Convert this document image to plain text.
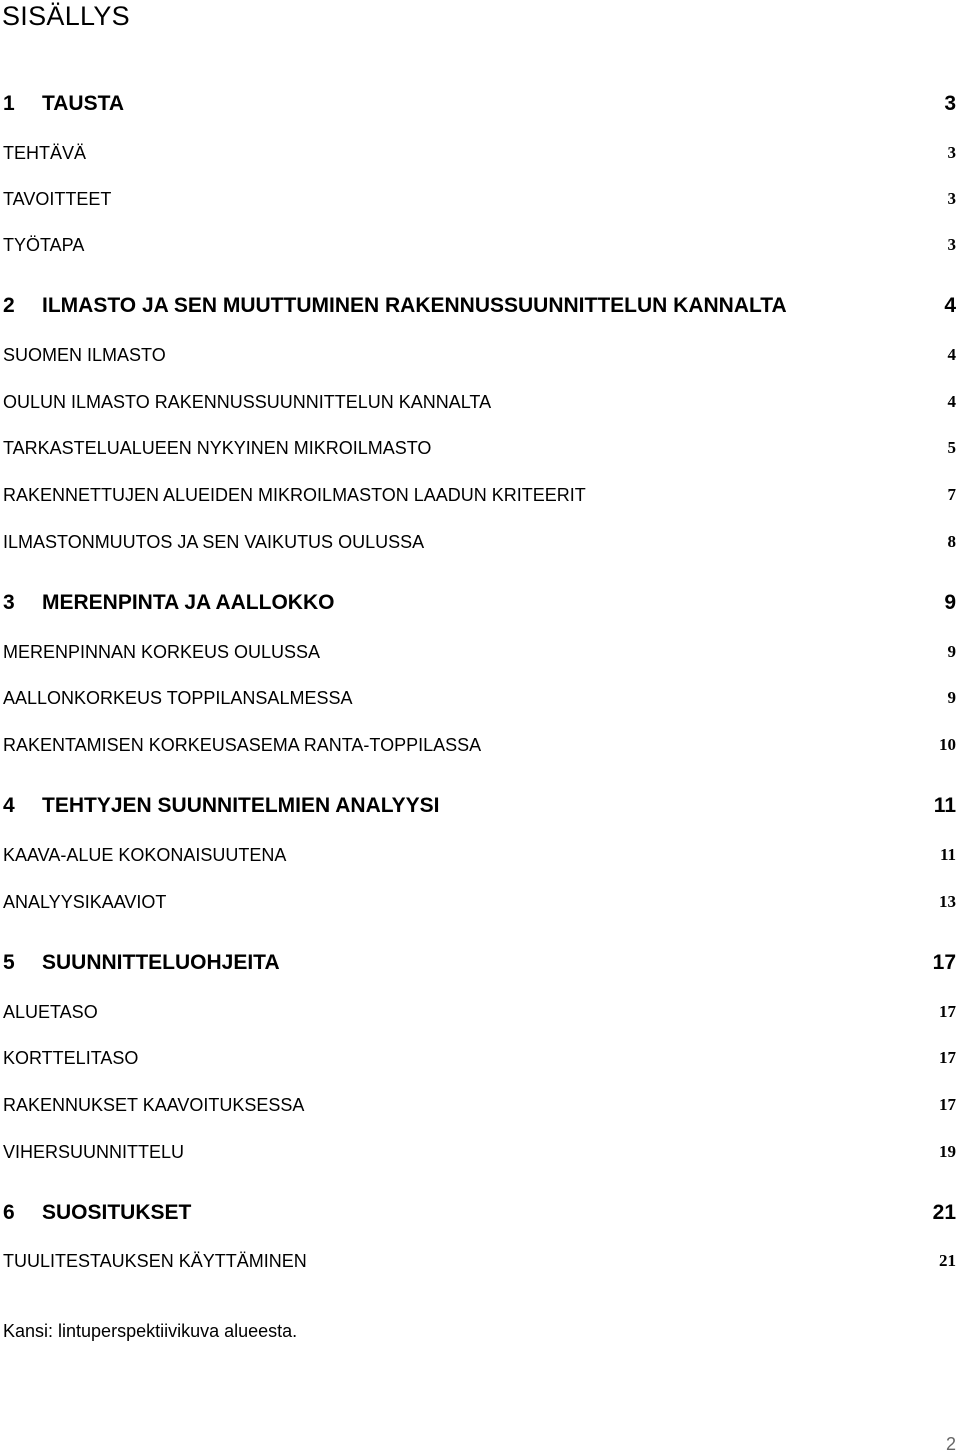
SISÄLLYS
1 TAUSTA	3
TEHTÄVÄ	3
TAVOITTEET	3
TYÖTAPA	3
2 ILMASTO JA SEN MUUTTUMINEN RAKENNUSSUUNNITTELUN KANNALTA	4
SUOMEN ILMASTO	4
OULUN ILMASTO RAKENNUSSUUNNITTELUN KANNALTA	4
TARKASTELUALUEEN NYKYINEN MIKROILMASTO	5
RAKENNETTUJEN ALUEIDEN MIKROILMASTON LAADUN KRITEERIT	7
ILMASTONMUUTOS JA SEN VAIKUTUS OULUSSA	8
3 MERENPINTA JA AALLOKKO	9
MERENPINNAN KORKEUS OULUSSA	9
AALLONKORKEUS TOPPILANSALMESSA	9
RAKENTAMISEN KORKEUSASEMA RANTA-TOPPILASSA	10
4 TEHTYJEN SUUNNITELMIEN ANALYYSI	11
KAAVA-ALUE KOKONAISUUTENA	11
ANALYYSIKAAVIOT	13
5 SUUNNITTELUOHJEITA	17
ALUETASO	17
KORTTELITASO	17
RAKENNUKSET KAAVOITUKSESSA	17
VIHERSUUNNITTELU	19
6 SUOSITUKSET	21
TUULITESTAUKSEN KÄYTTÄMINEN	21
Kansi: lintuperspektiivikuva alueesta.
2
